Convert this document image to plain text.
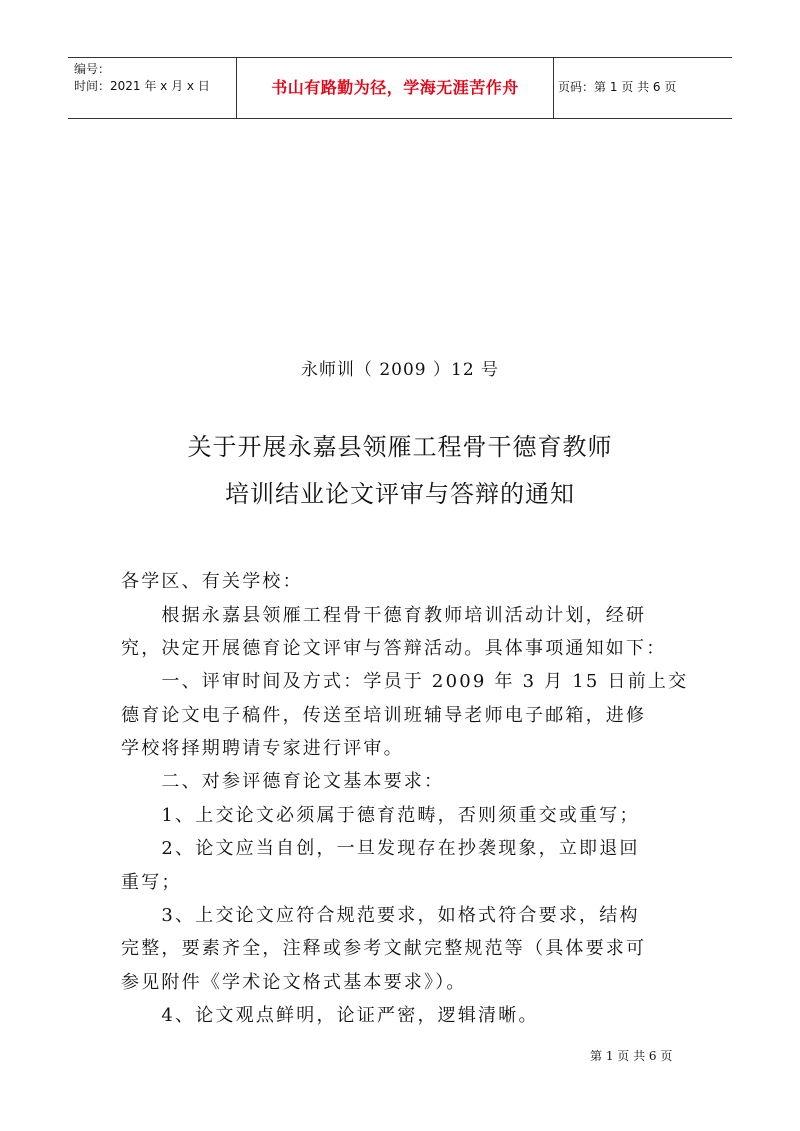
编号：
时间：2021 年 x 月 x 日	书山有路勤为径，学海无涯苦作舟	页码：第 1 页 共 6 页
永师训（ 2009 ）12 号
关于开展永嘉县领雁工程骨干德育教师
培训结业论文评审与答辩的通知
各学区、有关学校：
　　根据永嘉县领雁工程骨干德育教师培训活动计划，经研
究，决定开展德育论文评审与答辩活动。具体事项通知如下：
　　一、评审时间及方式：学员于 2009 年 3 月 15 日前上交
德育论文电子稿件，传送至培训班辅导老师电子邮箱，进修
学校将择期聘请专家进行评审。
　　二、对参评德育论文基本要求：
　　1、上交论文必须属于德育范畴，否则须重交或重写；
　　2、论文应当自创，一旦发现存在抄袭现象，立即退回
重写；
　　3、上交论文应符合规范要求，如格式符合要求，结构
完整，要素齐全，注释或参考文献完整规范等（具体要求可
参见附件《学术论文格式基本要求》）。
　　4、论文观点鲜明，论证严密，逻辑清晰。
第 1 页 共 6 页
